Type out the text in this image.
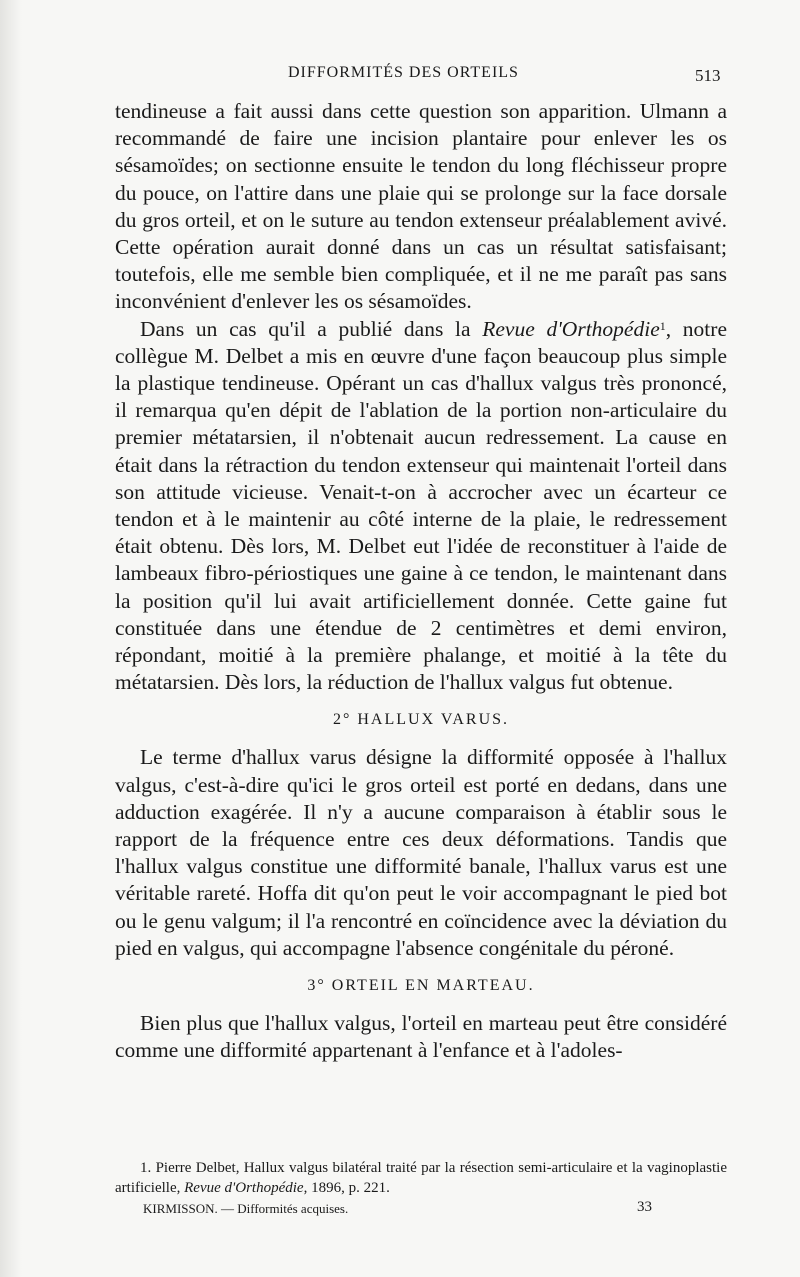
DIFFORMITÉS DES ORTEILS	513

tendineuse a fait aussi dans cette question son apparition. Ulmann a recommandé de faire une incision plantaire pour enlever les os sésamoïdes; on sectionne ensuite le tendon du long fléchisseur propre du pouce, on l'attire dans une plaie qui se prolonge sur la face dorsale du gros orteil, et on le suture au tendon extenseur préalablement avivé. Cette opération aurait donné dans un cas un résultat satisfaisant; toutefois, elle me semble bien compliquée, et il ne me paraît pas sans inconvénient d'enlever les os sésamoïdes.

Dans un cas qu'il a publié dans la Revue d'Orthopédie$^1$, notre collègue M. Delbet a mis en œuvre d'une façon beaucoup plus simple la plastique tendineuse. Opérant un cas d'hallux valgus très prononcé, il remarqua qu'en dépit de l'ablation de la portion non-articulaire du premier métatarsien, il n'obtenait aucun redressement. La cause en était dans la rétraction du tendon extenseur qui maintenait l'orteil dans son attitude vicieuse. Venait-t-on à accrocher avec un écarteur ce tendon et à le maintenir au côté interne de la plaie, le redressement était obtenu. Dès lors, M. Delbet eut l'idée de reconstituer à l'aide de lambeaux fibro-périostiques une gaine à ce tendon, le maintenant dans la position qu'il lui avait artificiellement donnée. Cette gaine fut constituée dans une étendue de 2 centimètres et demi environ, répondant, moitié à la première phalange, et moitié à la tête du métatarsien. Dès lors, la réduction de l'hallux valgus fut obtenue.

2° HALLUX VARUS.

Le terme d'hallux varus désigne la difformité opposée à l'hallux valgus, c'est-à-dire qu'ici le gros orteil est porté en dedans, dans une adduction exagérée. Il n'y a aucune comparaison à établir sous le rapport de la fréquence entre ces deux déformations. Tandis que l'hallux valgus constitue une difformité banale, l'hallux varus est une véritable rareté. Hoffa dit qu'on peut le voir accompagnant le pied bot ou le genu valgum; il l'a rencontré en coïncidence avec la déviation du pied en valgus, qui accompagne l'absence congénitale du péroné.

3° ORTEIL EN MARTEAU.

Bien plus que l'hallux valgus, l'orteil en marteau peut être considéré comme une difformité appartenant à l'enfance et à l'adoles-

1. Pierre Delbet, Hallux valgus bilatéral traité par la résection semi-articulaire et la vaginoplastie artificielle, Revue d'Orthopédie, 1896, p. 221.

KIRMISSON. — Difformités acquises.	33
